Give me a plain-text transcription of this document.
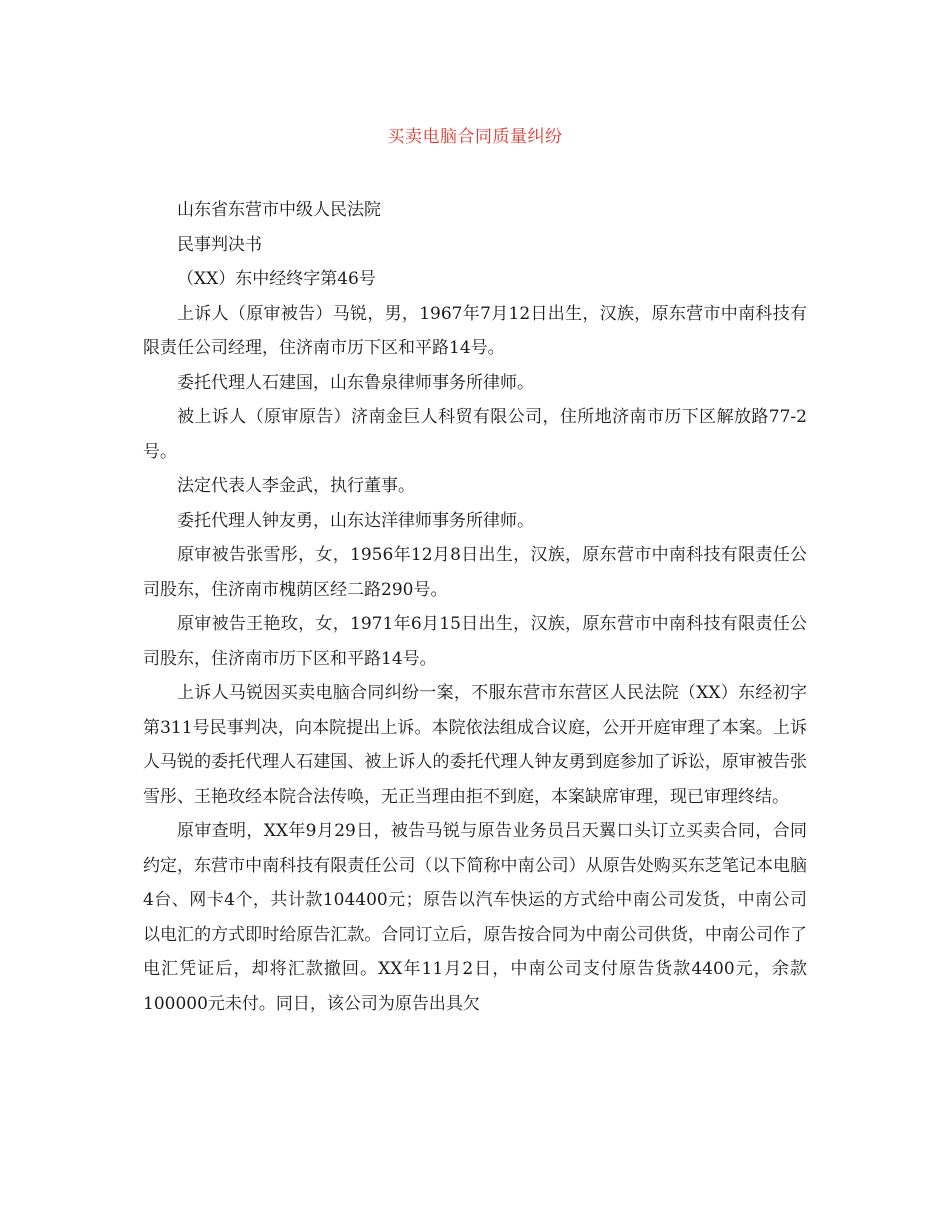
买卖电脑合同质量纠纷

山东省东营市中级人民法院

民事判决书

（XX）东中经终字第46号

上诉人（原审被告）马锐，男，1967年7月12日出生，汉族，原东营市中南科技有限责任公司经理，住济南市历下区和平路14号。

委托代理人石建国，山东鲁泉律师事务所律师。

被上诉人（原审原告）济南金巨人科贸有限公司，住所地济南市历下区解放路77-2号。

法定代表人李金武，执行董事。

委托代理人钟友勇，山东达洋律师事务所律师。

原审被告张雪彤，女，1956年12月8日出生，汉族，原东营市中南科技有限责任公司股东，住济南市槐荫区经二路290号。

原审被告王艳玫，女，1971年6月15日出生，汉族，原东营市中南科技有限责任公司股东，住济南市历下区和平路14号。

上诉人马锐因买卖电脑合同纠纷一案，不服东营市东营区人民法院（XX）东经初字第311号民事判决，向本院提出上诉。本院依法组成合议庭，公开开庭审理了本案。上诉人马锐的委托代理人石建国、被上诉人的委托代理人钟友勇到庭参加了诉讼，原审被告张雪彤、王艳玫经本院合法传唤，无正当理由拒不到庭，本案缺席审理，现已审理终结。

原审查明，XX年9月29日，被告马锐与原告业务员吕天翼口头订立买卖合同，合同约定，东营市中南科技有限责任公司（以下简称中南公司）从原告处购买东芝笔记本电脑4台、网卡4个，共计款104400元；原告以汽车快运的方式给中南公司发货，中南公司以电汇的方式即时给原告汇款。合同订立后，原告按合同为中南公司供货，中南公司作了电汇凭证后，却将汇款撤回。XX年11月2日，中南公司支付原告货款4400元，余款100000元未付。同日，该公司为原告出具欠
